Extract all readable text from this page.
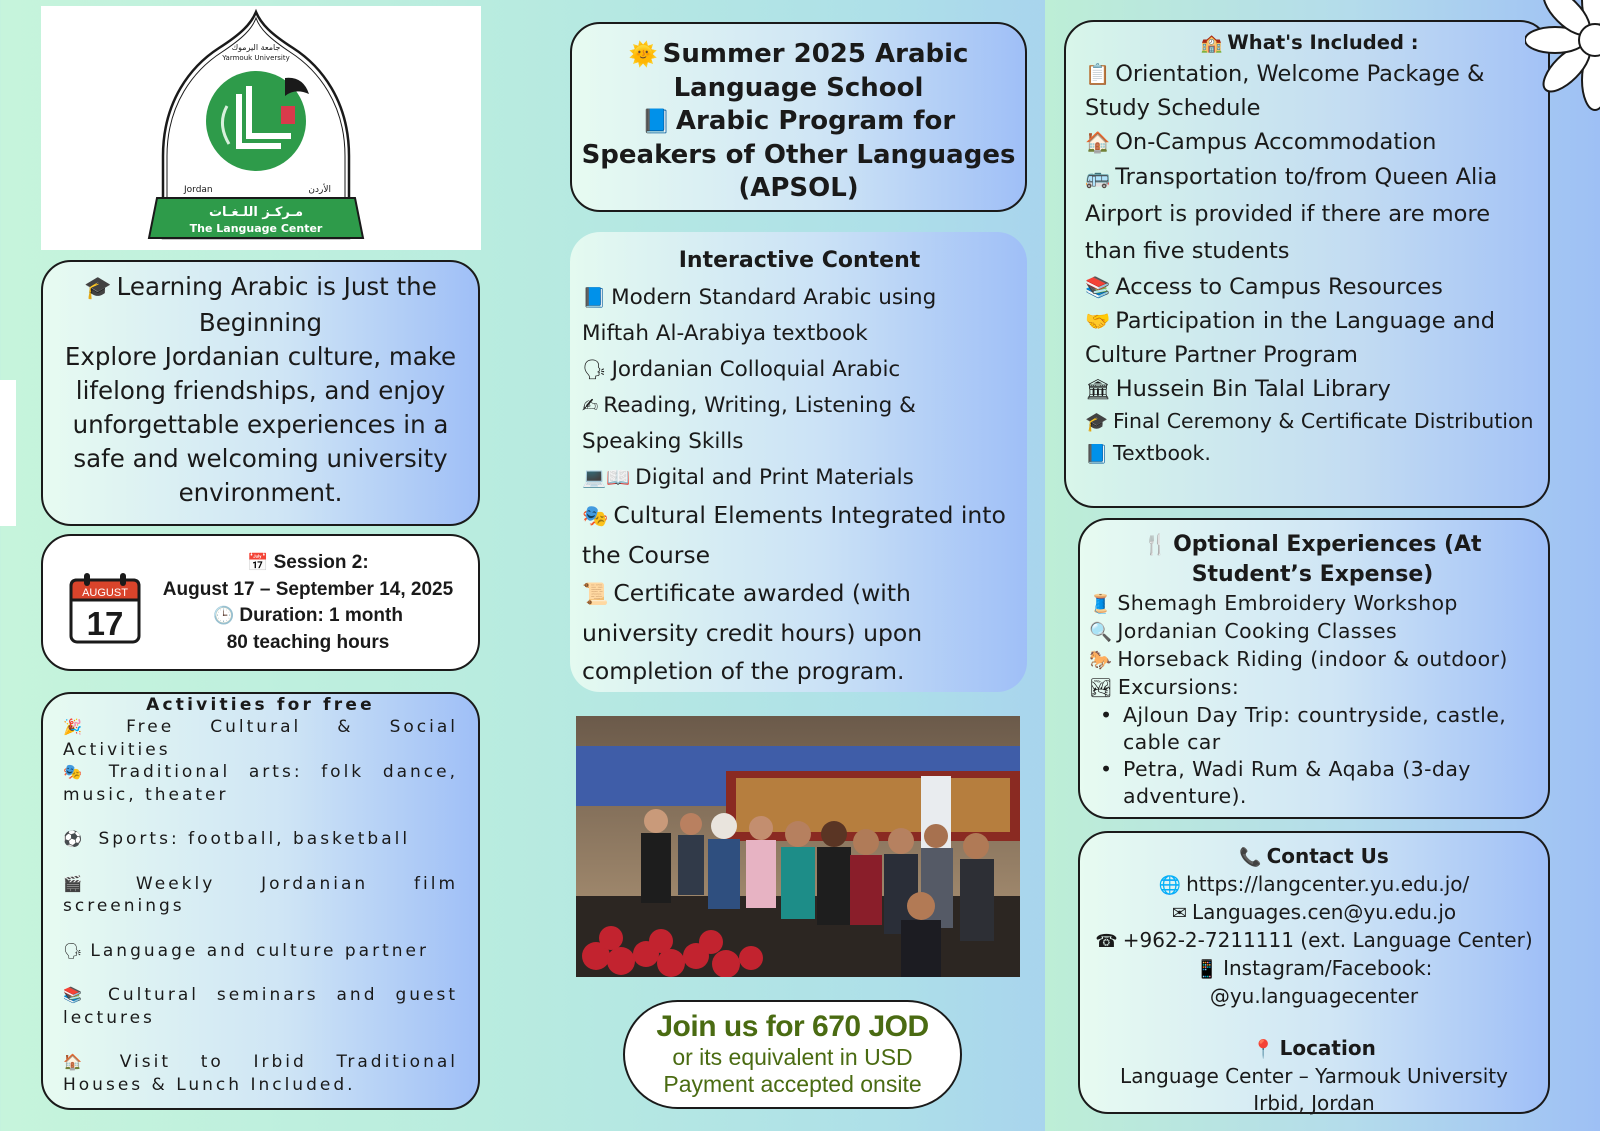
جامعة اليرموك
Yarmouk University
Jordan	الأردن
مـركـز اللـغـات
The Language Center
🎓 Learning Arabic is Just the Beginning
Explore Jordanian culture, make lifelong friendships, and enjoy unforgettable experiences in a safe and welcoming university environment.
AUGUST
17
📅 Session 2:
August 17 – September 14, 2025
🕒 Duration: 1 month
80 teaching hours
Activities for free

🎉 Free Cultural & Social Activities

🎭 Traditional arts: folk dance, music, theater

⚽ Sports: football, basketball

🎬	Weekly Jordanian film screenings

🗣 Language and culture partner

📚 Cultural seminars and guest lectures

🏠 Visit to Irbid Traditional Houses & Lunch Included.

🌞 Summer 2025 Arabic Language School
📘 Arabic Program for Speakers of Other Languages (APSOL)
Interactive Content
📘 Modern Standard Arabic using
Miftah Al-Arabiya textbook
🗣 Jordanian Colloquial Arabic
✍ Reading, Writing, Listening &
Speaking Skills
💻📖 Digital and Print Materials
🎭 Cultural Elements Integrated into
the Course
📜 Certificate awarded (with
university credit hours) upon
completion of the program.
Join us for 670 JOD
or its equivalent in USD
Payment accepted onsite
🏫 What's Included :
📋 Orientation, Welcome Package & Study Schedule
🏠 On-Campus Accommodation
🚌 Transportation to/from Queen Alia Airport is provided if there are more than five students
📚 Access to Campus Resources
🤝 Participation in the Language and Culture Partner Program
🏛 Hussein Bin Talal Library
🎓 Final Ceremony & Certificate Distribution
📘 Textbook.
🍴 Optional Experiences (At Student’s Expense)
🧵 Shemagh Embroidery Workshop
🔍 Jordanian Cooking Classes
🐎 Horseback Riding (indoor & outdoor)
🏞 Excursions:
• Ajloun Day Trip: countryside, castle, cable car
• Petra, Wadi Rum & Aqaba (3-day adventure).
📞 Contact Us
🌐 https://langcenter.yu.edu.jo/
✉ Languages.cen@yu.edu.jo
☎ +962-2-7211111 (ext. Language Center)
📱 Instagram/Facebook:
@yu.languagecenter
📍 Location
Language Center – Yarmouk University
Irbid, Jordan
